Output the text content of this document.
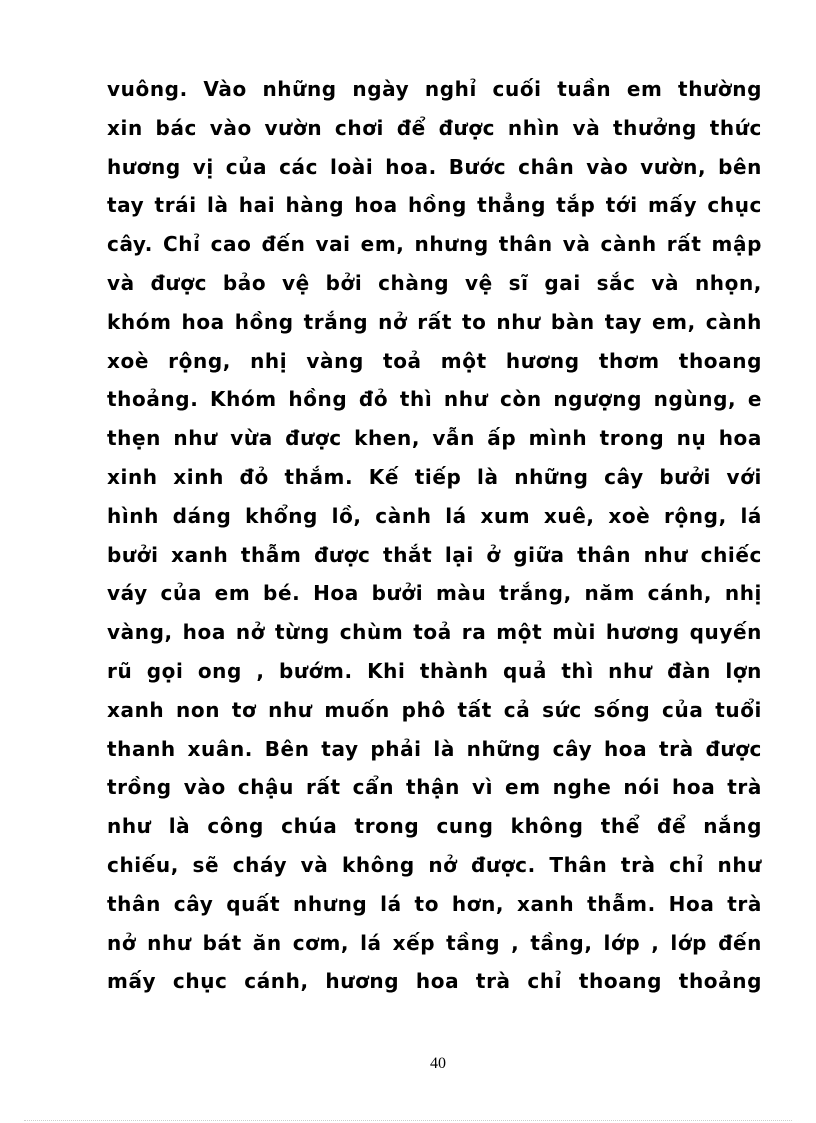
vuông. Vào những ngày nghỉ cuối tuần em thường
xin bác vào vườn chơi để được nhìn và thưởng thức
hương vị của các loài hoa. Bước chân vào vườn, bên
tay trái là hai hàng hoa hồng thẳng tắp tới mấy chục
cây. Chỉ cao đến vai em, nhưng thân và cành rất mập
và được bảo vệ bởi chàng vệ sĩ gai sắc và nhọn,
khóm hoa hồng trắng nở rất to như bàn tay em, cành
xoè rộng, nhị vàng toả một hương thơm thoang
thoảng. Khóm hồng đỏ thì như còn ngượng ngùng, e
thẹn như vừa được khen, vẫn ấp mình trong nụ hoa
xinh xinh đỏ thắm. Kế tiếp là những cây bưởi với
hình dáng khổng lồ, cành lá xum xuê, xoè rộng, lá
bưởi xanh thẫm được thắt lại ở giữa thân như chiếc
váy của em bé. Hoa bưởi màu trắng, năm cánh, nhị
vàng, hoa nở từng chùm toả ra một mùi hương quyến
rũ gọi ong , bướm. Khi thành quả thì như đàn lợn
xanh non tơ như muốn phô tất cả sức sống của tuổi
thanh xuân. Bên tay phải là những cây hoa trà được
trồng vào chậu rất cẩn thận vì em nghe nói hoa trà
như là công chúa trong cung không thể để nắng
chiếu, sẽ cháy và không nở được. Thân trà chỉ như
thân cây quất nhưng lá to hơn, xanh thẫm. Hoa trà
nở như bát ăn cơm, lá xếp tầng , tầng, lớp , lớp đến
mấy chục cánh, hương hoa trà chỉ thoang thoảng
40
